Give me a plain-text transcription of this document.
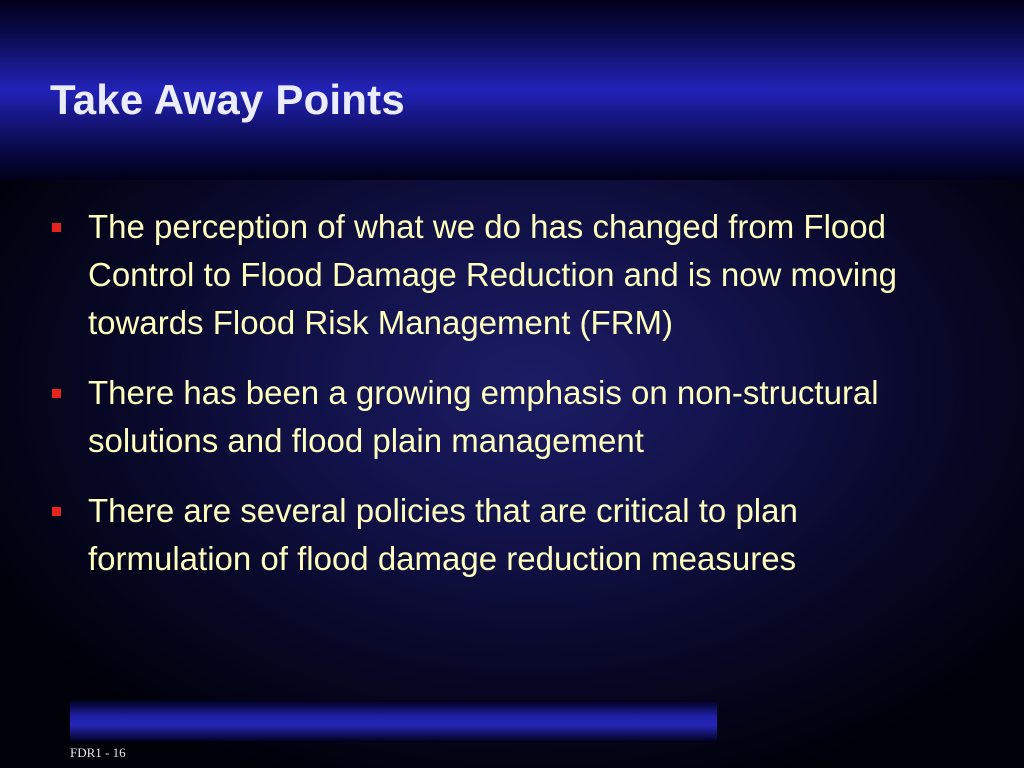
Take Away Points
The perception of what we do has changed from Flood Control to Flood Damage Reduction and is now moving towards Flood Risk Management (FRM)
There has been a growing emphasis on non-structural solutions and flood plain management
There are several policies that are critical to plan formulation of flood damage reduction measures
FDR1 - 16
